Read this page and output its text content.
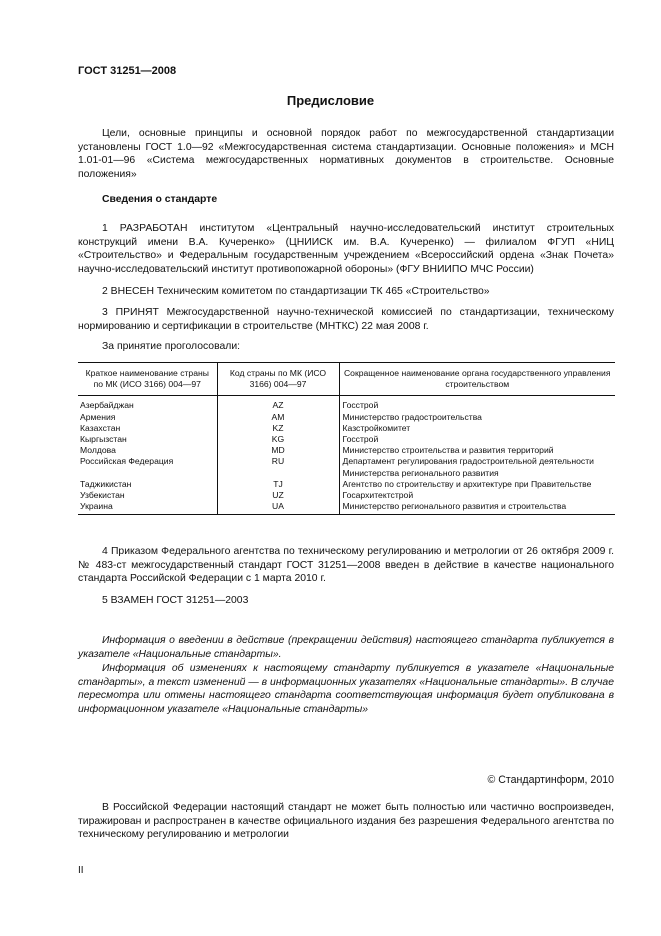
ГОСТ 31251—2008
Предисловие
Цели, основные принципы и основной порядок работ по межгосударственной стандартизации установлены ГОСТ 1.0—92 «Межгосударственная система стандартизации. Основные положения» и МСН 1.01-01—96 «Система межгосударственных нормативных документов в строительстве. Основные положения»
Сведения о стандарте
1 РАЗРАБОТАН институтом «Центральный научно-исследовательский институт строительных конструкций имени В.А. Кучеренко» (ЦНИИСК им. В.А. Кучеренко) — филиалом ФГУП «НИЦ «Строительство» и Федеральным государственным учреждением «Всероссийский ордена «Знак Почета» научно-исследовательский институт противопожарной обороны» (ФГУ ВНИИПО МЧС России)
2 ВНЕСЕН Техническим комитетом по стандартизации ТК 465 «Строительство»
3 ПРИНЯТ Межгосударственной научно-технической комиссией по стандартизации, техническому нормированию и сертификации в строительстве (МНТКС) 22 мая 2008 г.
За принятие проголосовали:
Краткое наименование страны по МК (ИСО 3166) 004—97	Код страны по МК (ИСО 3166) 004—97	Сокращенное наименование органа государственного управления строительством
Азербайджан	AZ	Госстрой
Армения	AM	Министерство градостроительства
Казахстан	KZ	Казстройкомитет
Кыргызстан	KG	Госстрой
Молдова	MD	Министерство строительства и развития территорий
Российская Федерация	RU	Департамент регулирования градостроительной деятельности Министерства регионального развития
Таджикистан	TJ	Агентство по строительству и архитектуре при Правительстве
Узбекистан	UZ	Госархитектстрой
Украина	UA	Министерство регионального развития и строительства
4 Приказом Федерального агентства по техническому регулированию и метрологии от 26 октября 2009 г. № 483-ст межгосударственный стандарт ГОСТ 31251—2008 введен в действие в качестве национального стандарта Российской Федерации с 1 марта 2010 г.
5 ВЗАМЕН ГОСТ 31251—2003
Информация о введении в действие (прекращении действия) настоящего стандарта публикуется в указателе «Национальные стандарты».
Информация об изменениях к настоящему стандарту публикуется в указателе «Национальные стандарты», а текст изменений — в информационных указателях «Национальные стандарты». В случае пересмотра или отмены настоящего стандарта соответствующая информация будет опубликована в информационном указателе «Национальные стандарты»
© Стандартинформ, 2010
В Российской Федерации настоящий стандарт не может быть полностью или частично воспроизведен, тиражирован и распространен в качестве официального издания без разрешения Федерального агентства по техническому регулированию и метрологии
II
